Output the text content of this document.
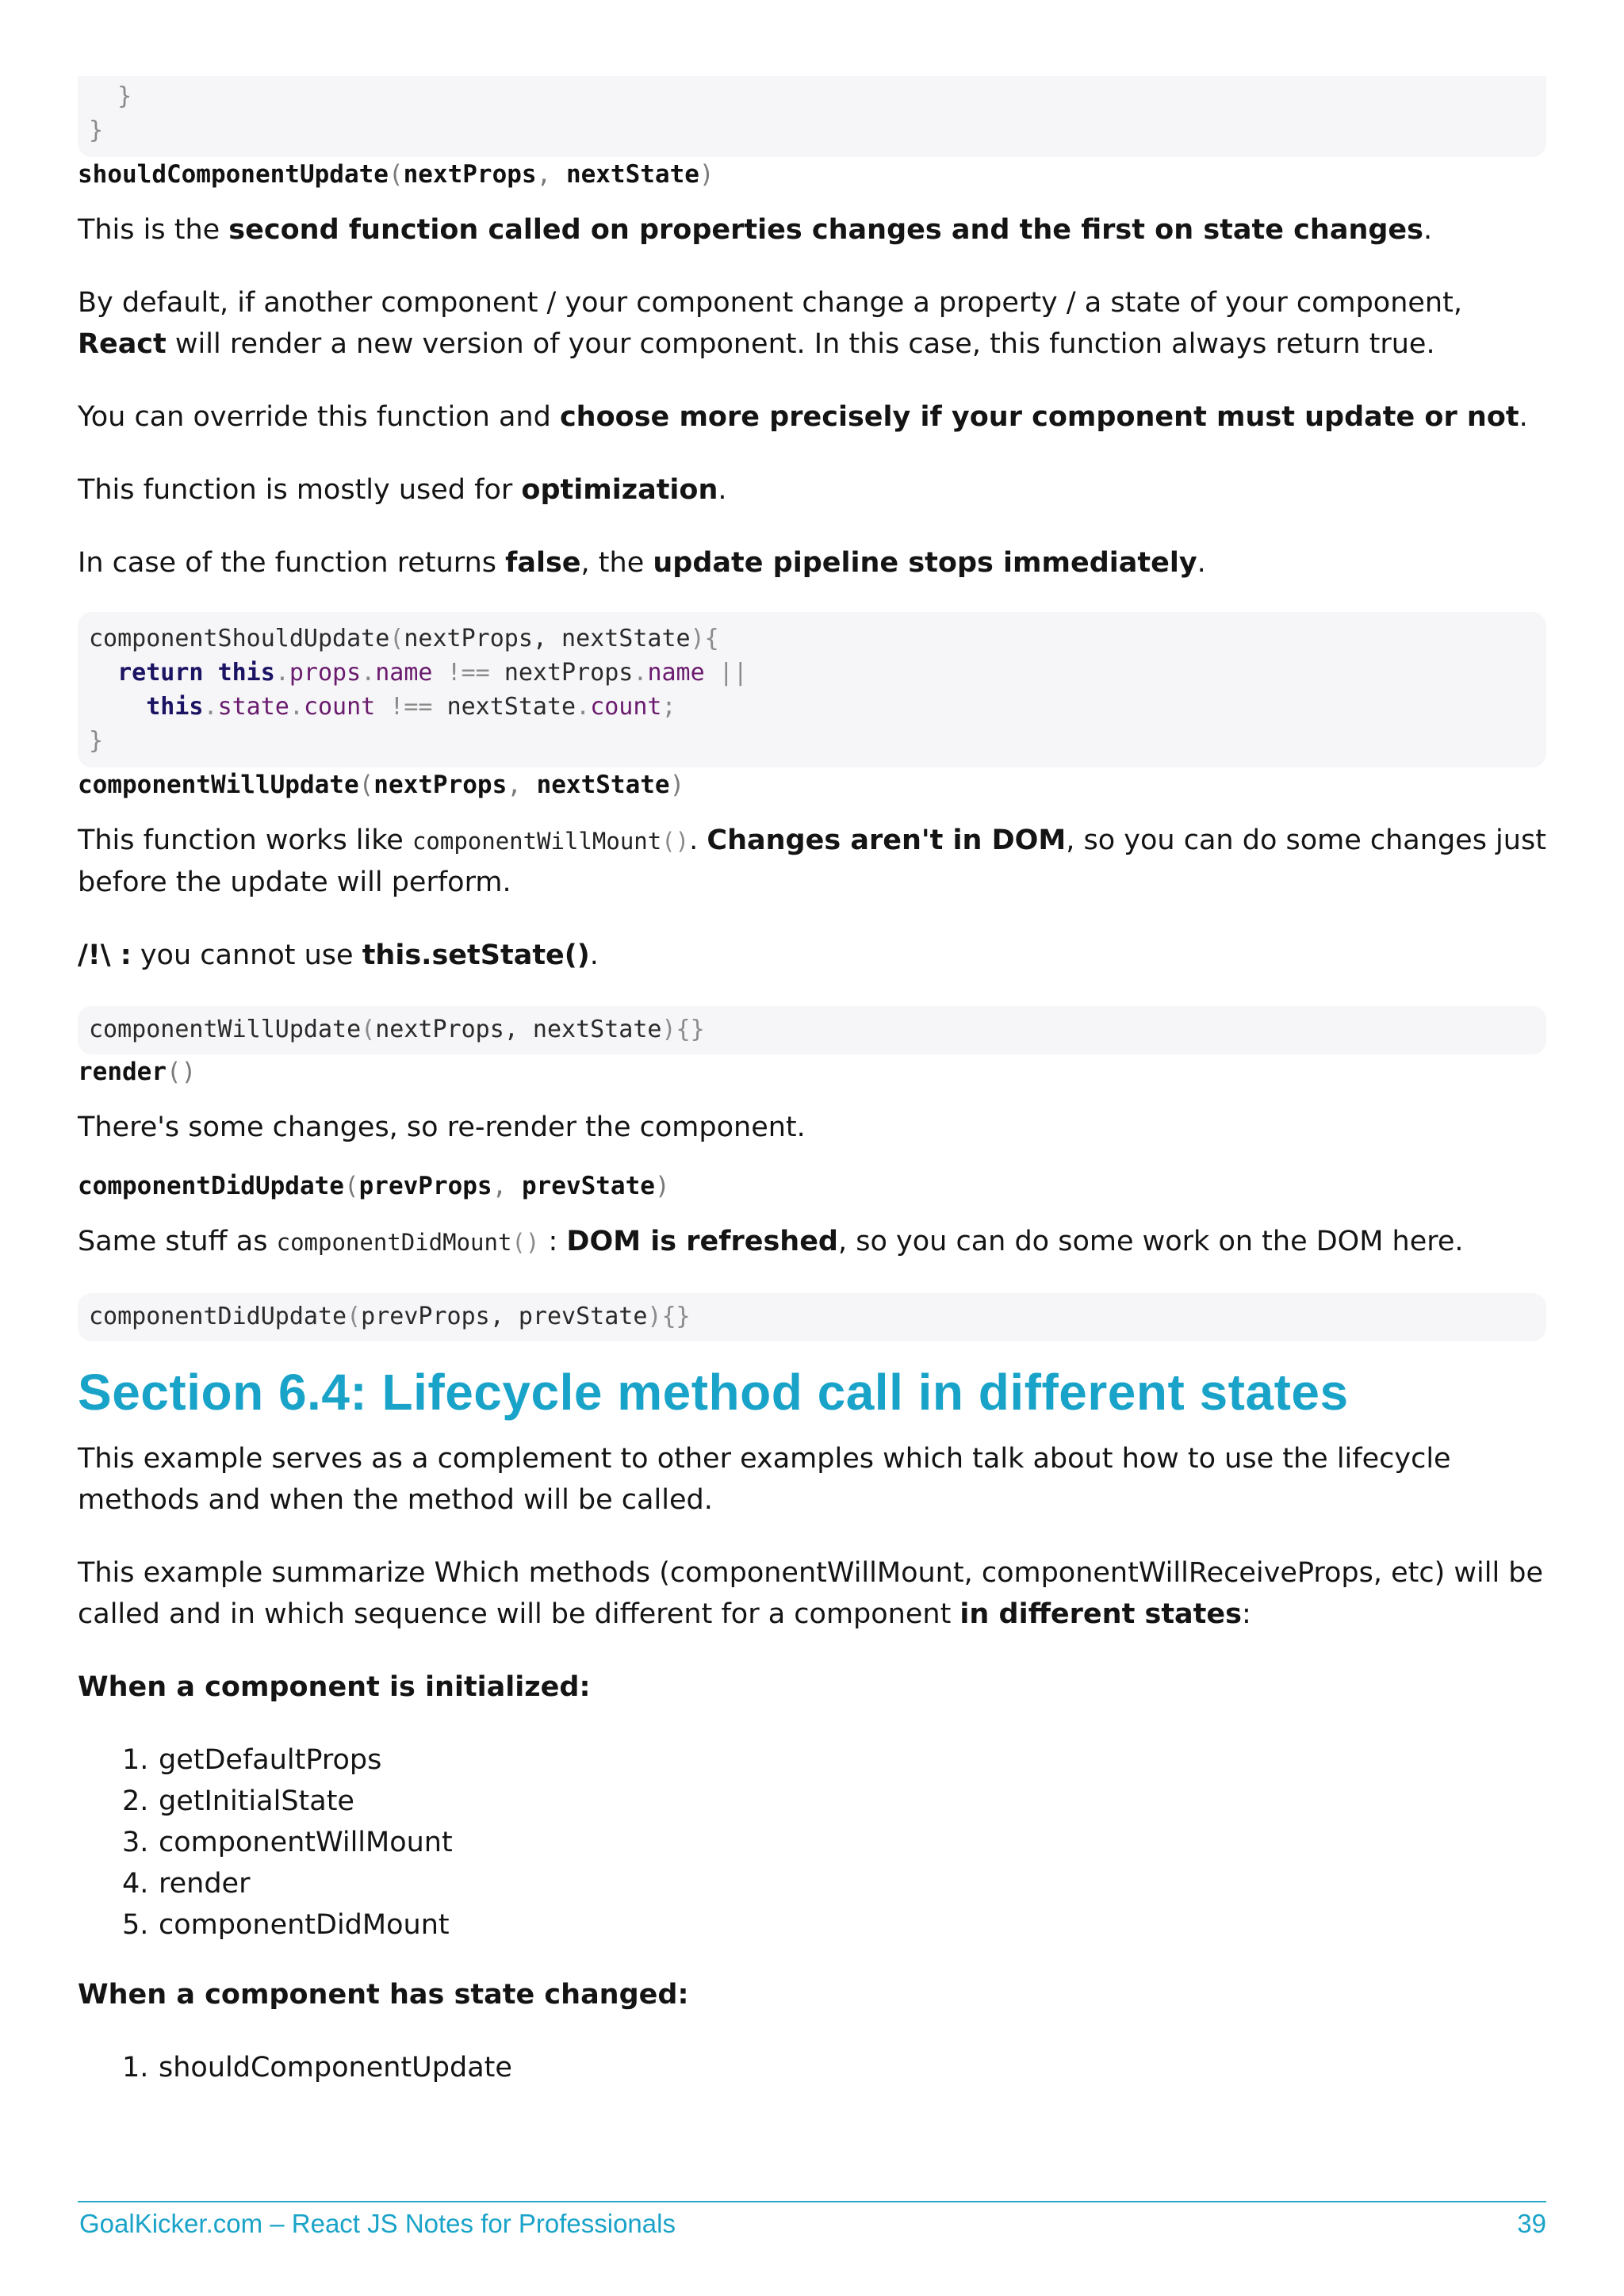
}
}
shouldComponentUpdate(nextProps, nextState)

This is the second function called on properties changes and the first on state changes.

By default, if another component / your component change a property / a state of your component, React will render a new version of your component. In this case, this function always return true.

You can override this function and choose more precisely if your component must update or not.

This function is mostly used for optimization.

In case of the function returns false, the update pipeline stops immediately.

componentShouldUpdate(nextProps, nextState){
return this.props.name !== nextProps.name ||
this.state.count !== nextState.count;
}
componentWillUpdate(nextProps, nextState)

This function works like componentWillMount(). Changes aren't in DOM, so you can do some changes just before the update will perform.

/!\ : you cannot use this.setState().

componentWillUpdate(nextProps, nextState){}
render()

There's some changes, so re-render the component.

componentDidUpdate(prevProps, prevState)

Same stuff as componentDidMount() : DOM is refreshed, so you can do some work on the DOM here.

componentDidUpdate(prevProps, prevState){}
Section 6.4: Lifecycle method call in different states

This example serves as a complement to other examples which talk about how to use the lifecycle methods and when the method will be called.

This example summarize Which methods (componentWillMount, componentWillReceiveProps, etc) will be called and in which sequence will be different for a component in different states:

When a component is initialized:

1. getDefaultProps
2. getInitialState
3. componentWillMount
4. render
5. componentDidMount

When a component has state changed:

1. shouldComponentUpdate
GoalKicker.com – React JS Notes for Professionals	39
